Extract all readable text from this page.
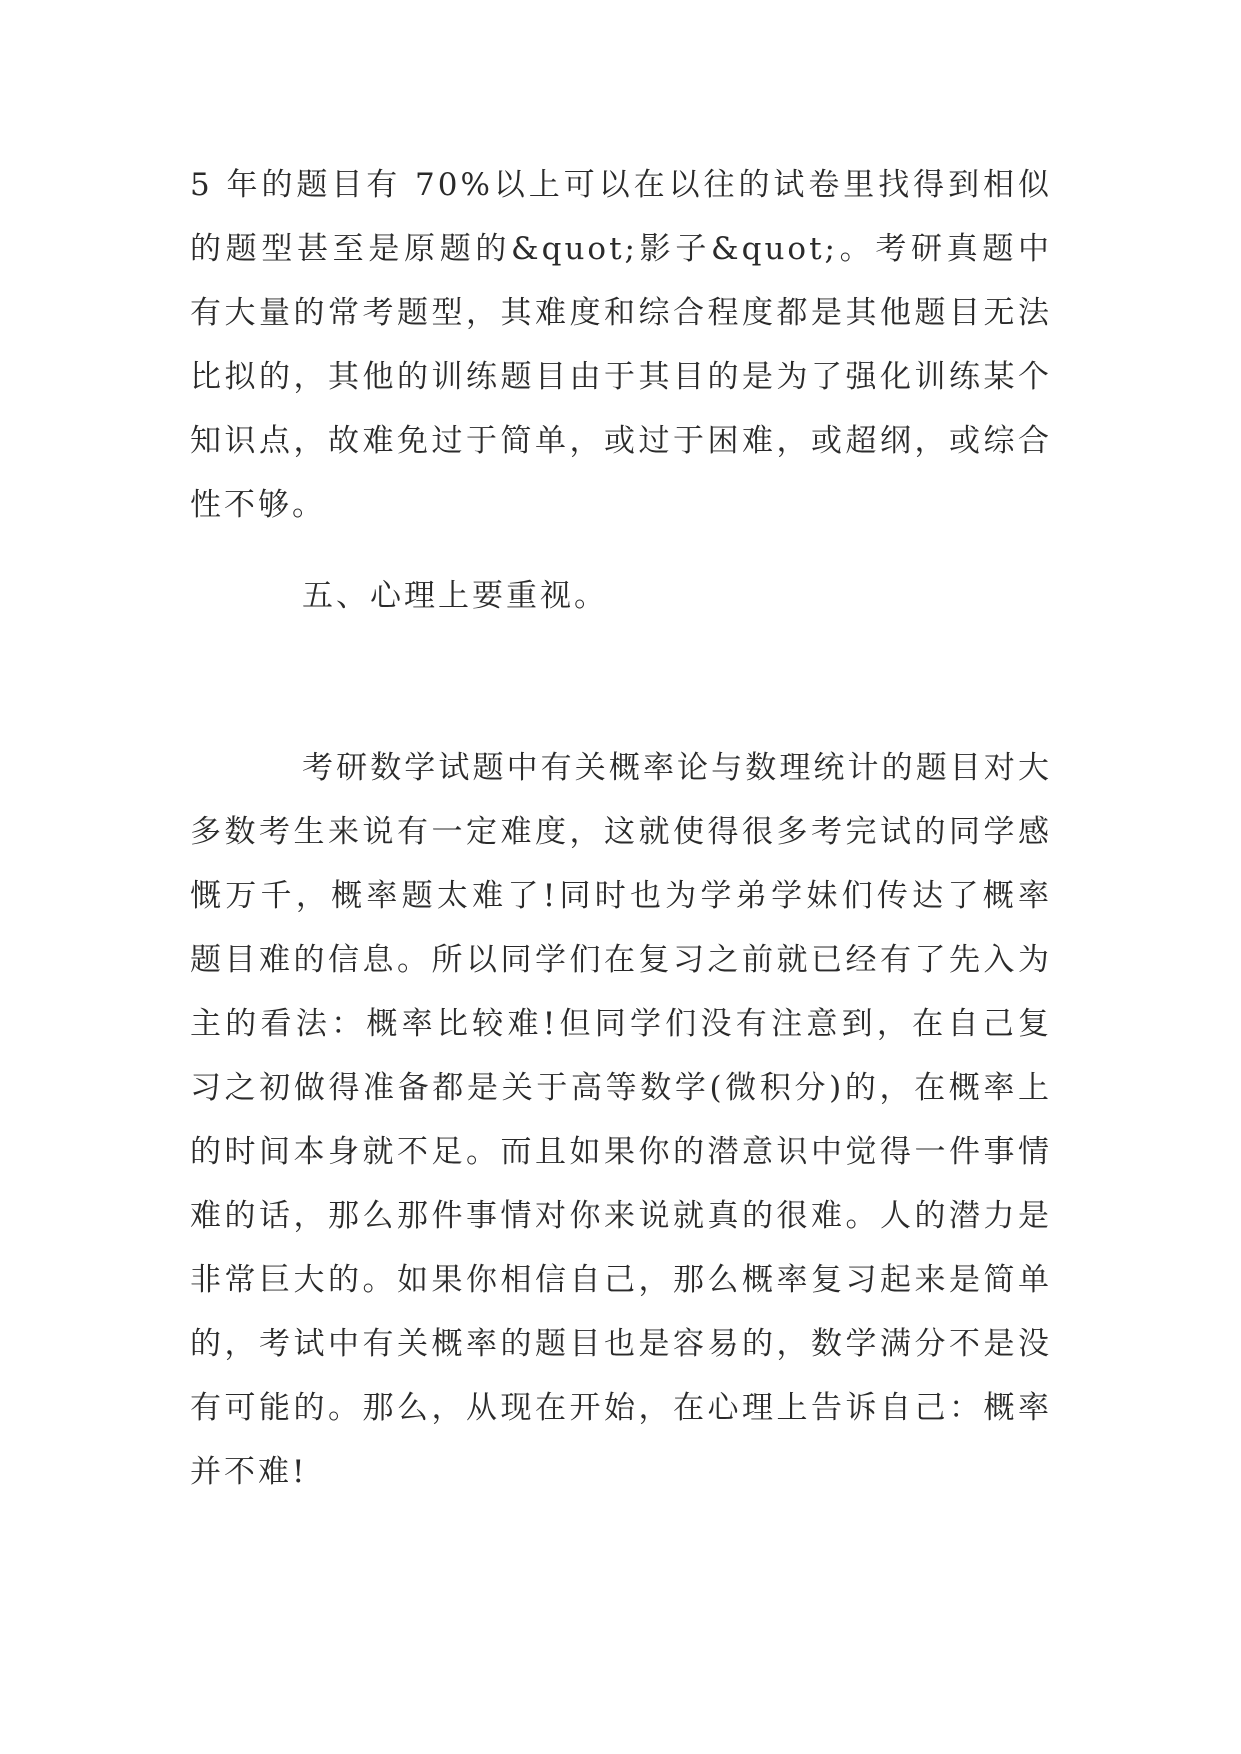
5 年的题目有 70%以上可以在以往的试卷里找得到相似的题型甚至是原题的&quot;影子&quot;。考研真题中有大量的常考题型，其难度和综合程度都是其他题目无法比拟的，其他的训练题目由于其目的是为了强化训练某个知识点，故难免过于简单，或过于困难，或超纲，或综合性不够。

五、心理上要重视。

考研数学试题中有关概率论与数理统计的题目对大多数考生来说有一定难度，这就使得很多考完试的同学感慨万千，概率题太难了!同时也为学弟学妹们传达了概率题目难的信息。所以同学们在复习之前就已经有了先入为主的看法：概率比较难!但同学们没有注意到，在自己复习之初做得准备都是关于高等数学(微积分)的，在概率上的时间本身就不足。而且如果你的潜意识中觉得一件事情难的话，那么那件事情对你来说就真的很难。人的潜力是非常巨大的。如果你相信自己，那么概率复习起来是简单的，考试中有关概率的题目也是容易的，数学满分不是没有可能的。那么，从现在开始，在心理上告诉自己：概率并不难!
